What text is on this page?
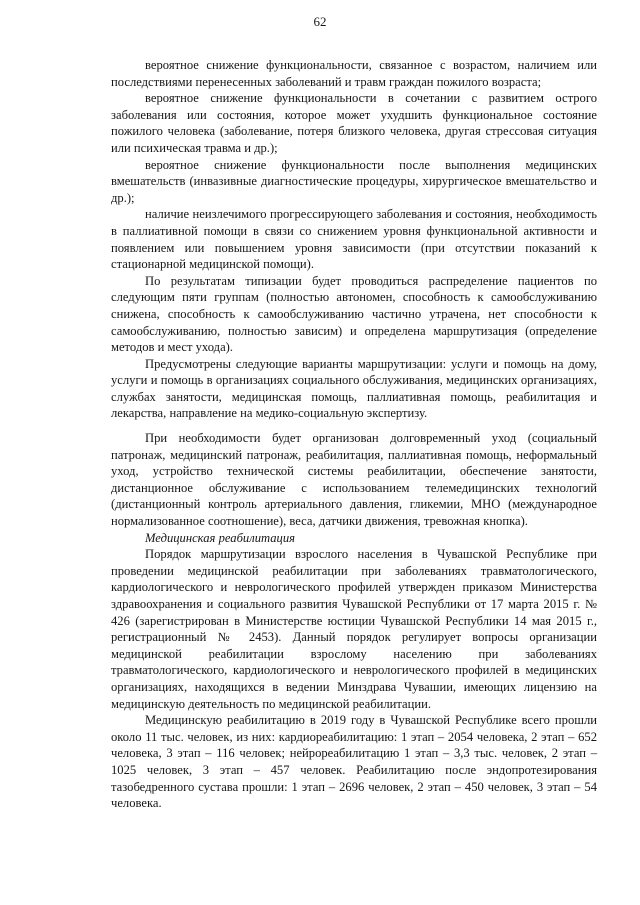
62

вероятное снижение функциональности, связанное с возрастом, наличием или последствиями перенесенных заболеваний и травм граждан пожилого возраста;

вероятное снижение функциональности в сочетании с развитием острого заболевания или состояния, которое может ухудшить функциональное состояние пожилого человека (заболевание, потеря близкого человека, другая стрессовая ситуация или психическая травма и др.);

вероятное снижение функциональности после выполнения медицинских вмешательств (инвазивные диагностические процедуры, хирургическое вмешательство и др.);

наличие неизлечимого прогрессирующего заболевания и состояния, необходимость в паллиативной помощи в связи со снижением уровня функциональной активности и появлением или повышением уровня зависимости (при отсутствии показаний к стационарной медицинской помощи).

По результатам типизации будет проводиться распределение пациентов по следующим пяти группам (полностью автономен, способность к самообслуживанию снижена, способность к самообслуживанию частично утрачена, нет способности к самообслуживанию, полностью зависим) и определена маршрутизация (определение методов и мест ухода).

Предусмотрены следующие варианты маршрутизации: услуги и помощь на дому, услуги и помощь в организациях социального обслуживания, медицинских организациях, службах занятости, медицинская помощь, паллиативная помощь, реабилитация и лекарства, направление на медико-социальную экспертизу.

При необходимости будет организован долговременный уход (социальный патронаж, медицинский патронаж, реабилитация, паллиативная помощь, неформальный уход, устройство технической системы реабилитации, обеспечение занятости, дистанционное обслуживание с использованием телемедицинских технологий (дистанционный контроль артериального давления, гликемии, МНО (международное нормализованное соотношение), веса, датчики движения, тревожная кнопка).

Медицинская реабилитация

Порядок маршрутизации взрослого населения в Чувашской Республике при проведении медицинской реабилитации при заболеваниях травматологического, кардиологического и неврологического профилей утвержден приказом Министерства здравоохранения и социального развития Чувашской Республики от 17 марта 2015 г. № 426 (зарегистрирован в Министерстве юстиции Чувашской Республики 14 мая 2015 г., регистрационный № 2453). Данный порядок регулирует вопросы организации медицинской реабилитации взрослому населению при заболеваниях травматологического, кардиологического и неврологического профилей в медицинских организациях, находящихся в ведении Минздрава Чувашии, имеющих лицензию на медицинскую деятельность по медицинской реабилитации.

Медицинскую реабилитацию в 2019 году в Чувашской Республике всего прошли около 11 тыс. человек, из них: кардиореабилитацию: 1 этап – 2054 человека, 2 этап – 652 человека, 3 этап – 116 человек; нейрореабилитацию 1 этап – 3,3 тыс. человек, 2 этап – 1025 человек, 3 этап – 457 человек. Реабилитацию после эндопротезирования тазобедренного сустава прошли: 1 этап – 2696 человек, 2 этап – 450 человек, 3 этап – 54 человека.
